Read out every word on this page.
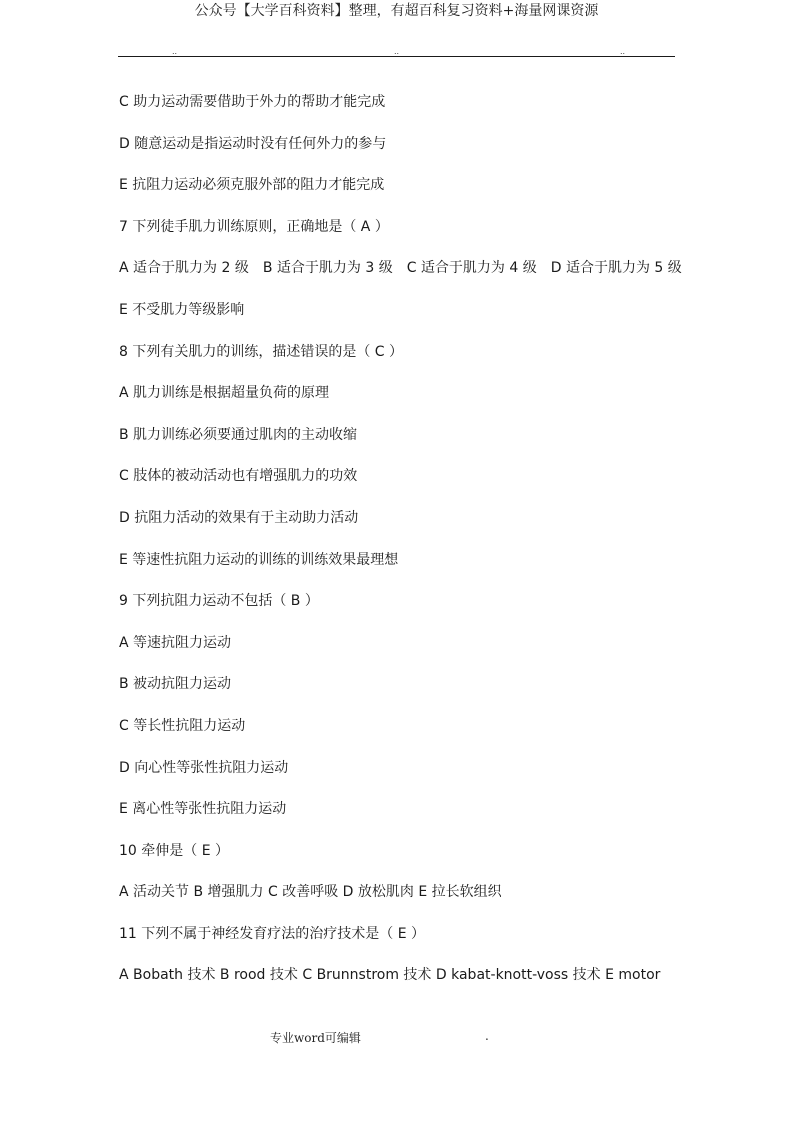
公众号【大学百科资料】整理，有超百科复习资料+海量网课资源
..	..	..
C 助力运动需要借助于外力的帮助才能完成
D 随意运动是指运动时没有任何外力的参与
E 抗阻力运动必须克服外部的阻力才能完成
7 下列徒手肌力训练原则，正确地是（ A ）
A 适合于肌力为 2 级　B 适合于肌力为 3 级　C 适合于肌力为 4 级　D 适合于肌力为 5 级
E 不受肌力等级影响
8 下列有关肌力的训练，描述错误的是（ C ）
A 肌力训练是根据超量负荷的原理
B 肌力训练必须要通过肌肉的主动收缩
C 肢体的被动活动也有增强肌力的功效
D 抗阻力活动的效果有于主动助力活动
E 等速性抗阻力运动的训练的训练效果最理想
9 下列抗阻力运动不包括（ B ）
A 等速抗阻力运动
B 被动抗阻力运动
C 等长性抗阻力运动
D 向心性等张性抗阻力运动
E 离心性等张性抗阻力运动
10 牵伸是（ E ）
A 活动关节 B 增强肌力 C 改善呼吸 D 放松肌肉 E 拉长软组织
11 下列不属于神经发育疗法的治疗技术是（ E ）
A Bobath 技术 B rood 技术 C Brunnstrom 技术 D kabat-knott-voss 技术 E motor
专业word可编辑	.
